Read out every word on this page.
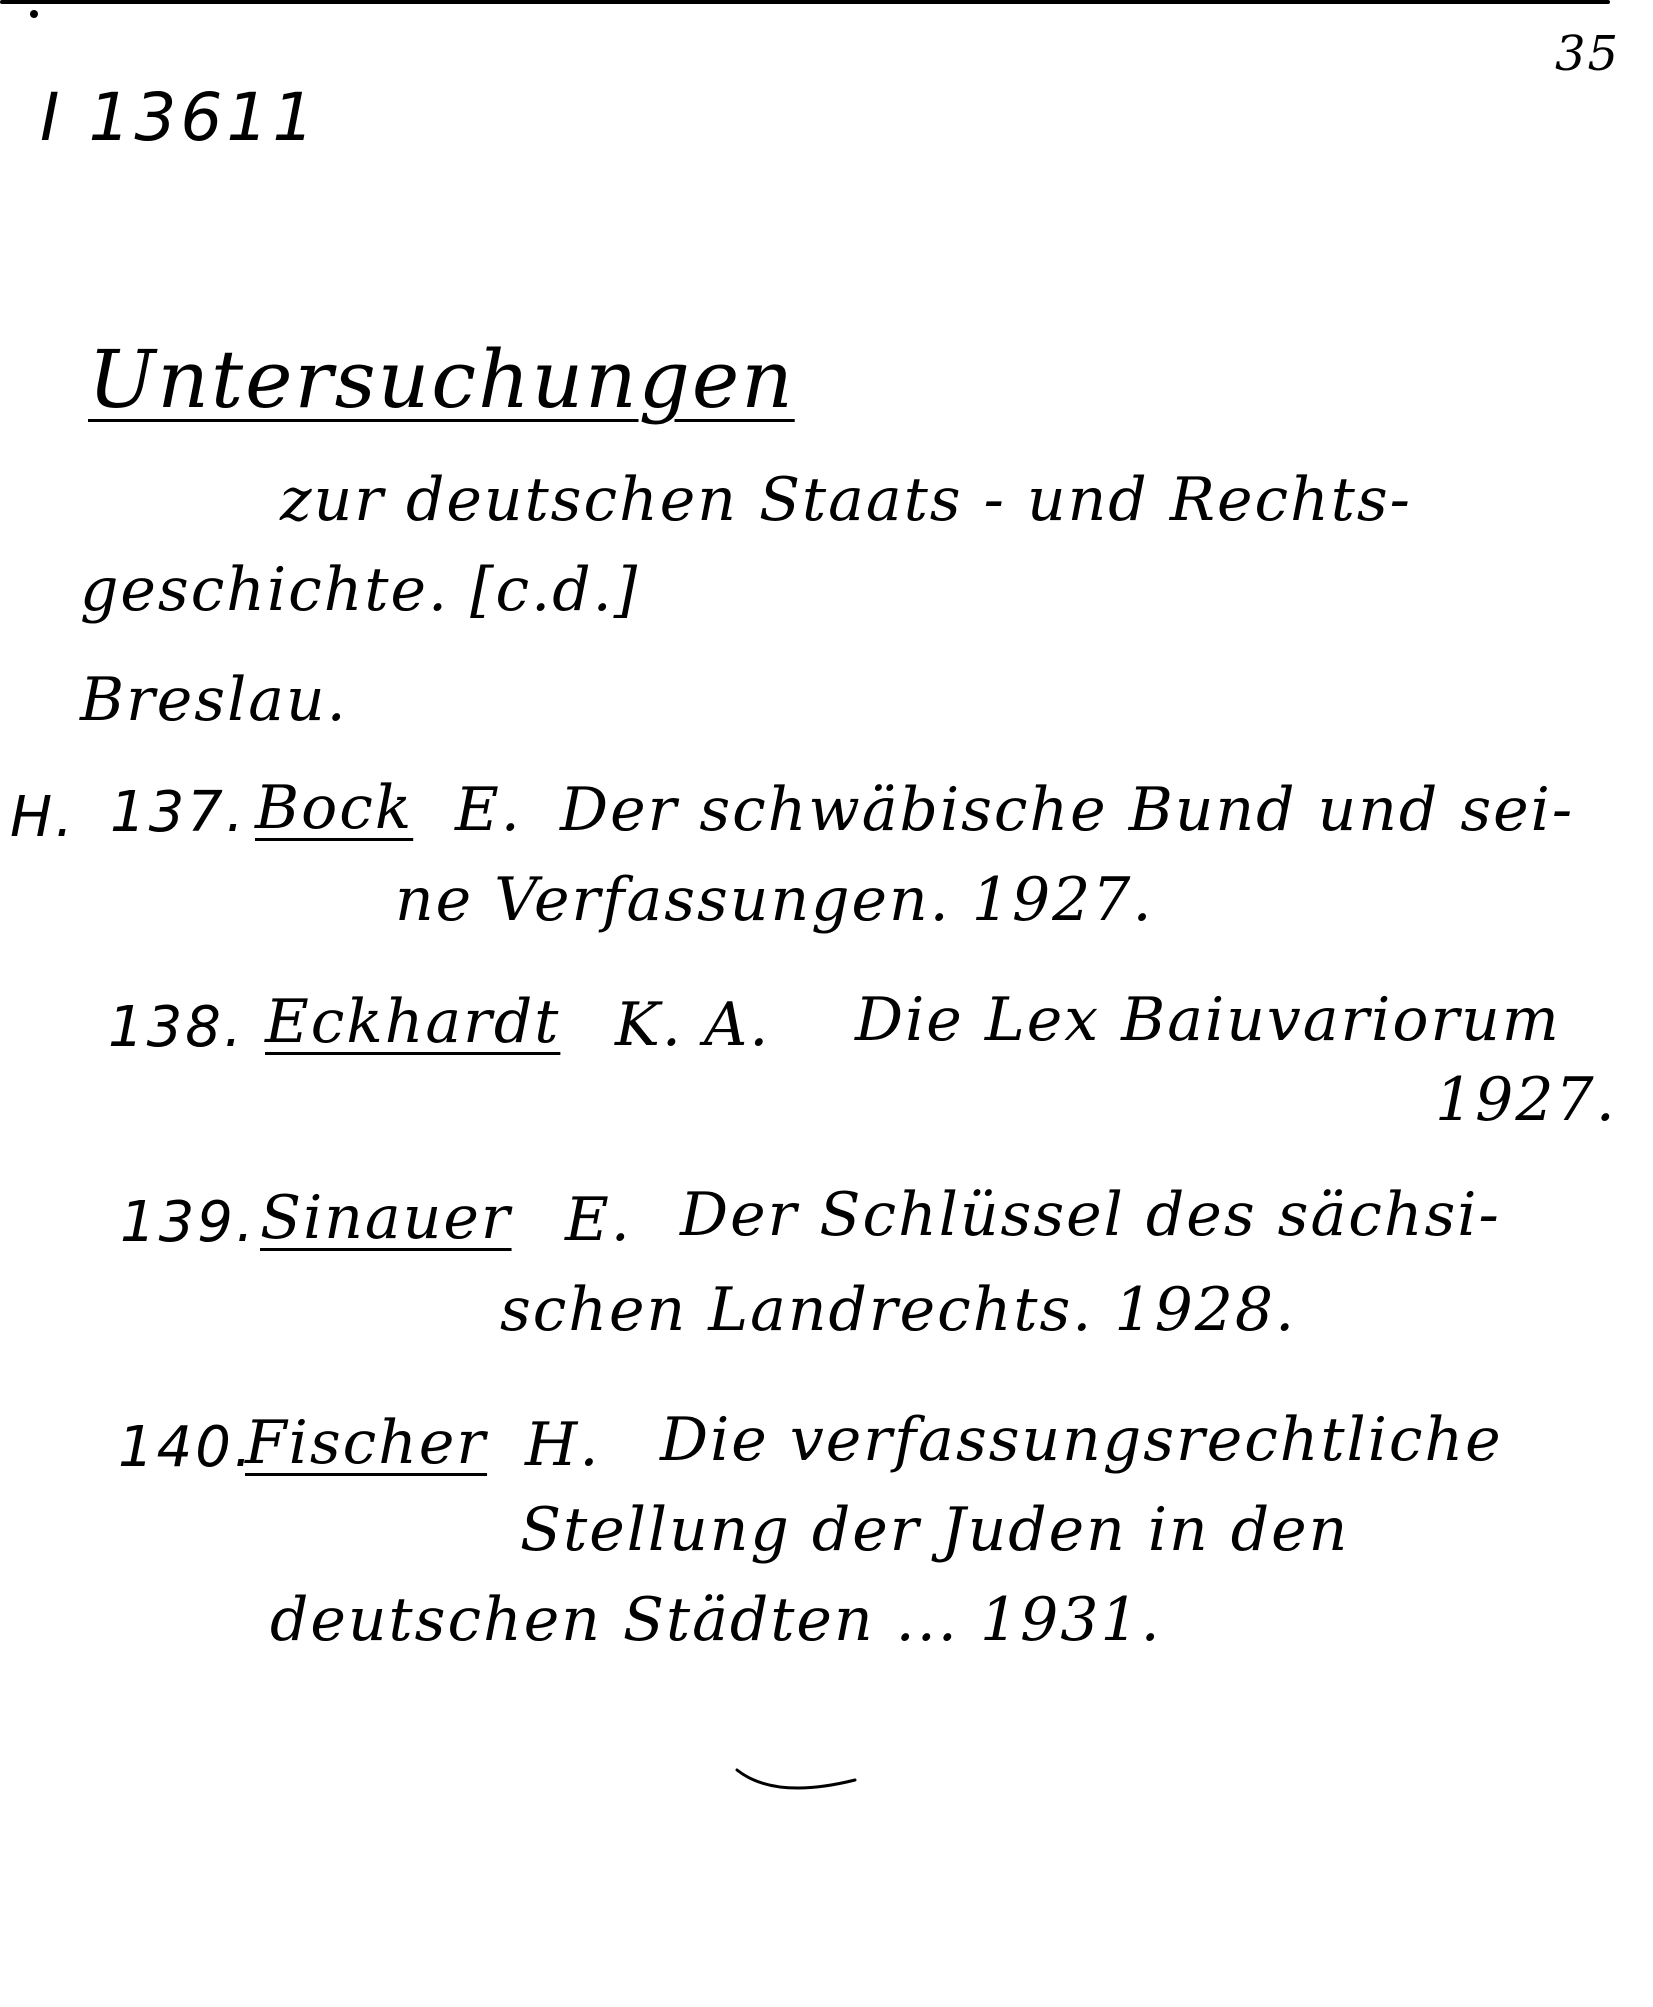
I 13611
35
Untersuchungen
zur deutschen Staats - und Rechts-
geschichte. [c.d.]
Breslau.
H. 137. Bock E. Der schwäbische Bund und sei-
ne Verfassungen. 1927.
138. Eckhardt K. A. Die Lex Baiuvariorum
1927.
139. Sinauer E. Der Schlüssel des sächsi-
schen Landrechts. 1928.
140.
Fischer H. Die verfassungsrechtliche
Stellung der Juden in den
deutschen Städten ... 1931.
